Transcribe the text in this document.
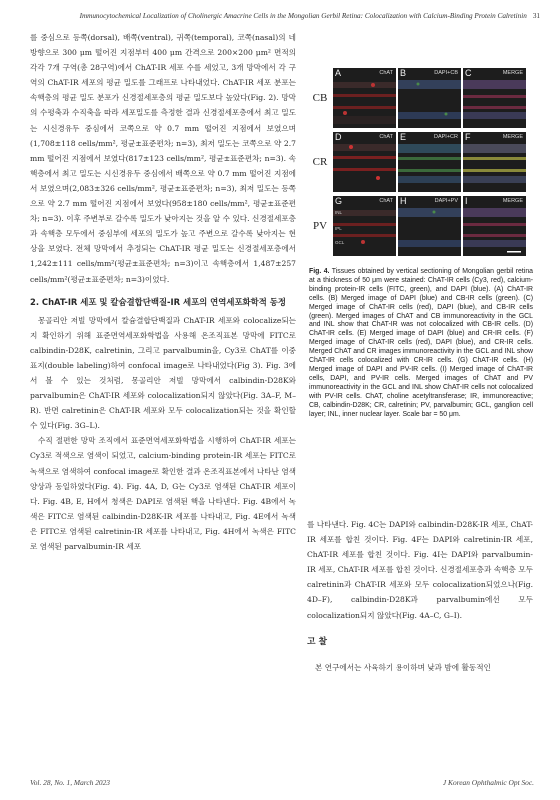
Immunocytochemical Localization of Cholinergic Amacrine Cells in the Mongolian Gerbil Retina: Colocalization with Calcium-Binding Protein Calretinin 31

를 중심으로 등쪽(dorsal), 배쪽(ventral), 귀쪽(temporal), 코쪽(nasal)의 네 방향으로 300 μm 떨어진 지점부터 400 μm 간격으로 200×200 μm² 면적의 각각 7개 구역(총 28구역)에서 ChAT-IR 세포 수를 세었고, 3개 망막에서 각 구역의 ChAT-IR 세포의 평균 밀도를 그래프로 나타내었다. ChAT-IR 세포 분포는 속핵층의 평균 밀도 분포가 신경절세포층의 평균 밀도보다 높았다(Fig. 2). 망막의 수평축과 수직축을 따라 세포밀도를 측정한 결과 신경절세포층에서 최고 밀도는 시신경유두 중심에서 코쪽으로 약 0.7 mm 떨어진 지점에서 보였으며(1,708±118 cells/mm², 평균±표준편차; n=3), 최저 밀도는 코쪽으로 약 2.7 mm 떨어진 지점에서 보였다(817±123 cells/mm², 평균±표준편차; n=3). 속핵층에서 최고 밀도는 시신경유두 중심에서 배쪽으로 약 0.7 mm 떨어진 지점에서 보였으며(2,083±326 cells/mm², 평균±표준편차; n=3), 최저 밀도는 등쪽으로 약 2.7 mm 떨어진 지점에서 보였다(958±180 cells/mm², 평균±표준편차; n=3). 이후 주변부로 갈수록 밀도가 낮아지는 것을 알 수 있다. 신경절세포층과 속핵층 모두에서 중심부에 세포의 밀도가 높고 주변으로 갈수록 낮아지는 현상을 보였다. 전체 망막에서 추정되는 ChAT-IR 평균 밀도는 신경절세포층에서 1,242±111 cells/mm²(평균±표준편차; n=3)이고 속핵층에서 1,487±257 cells/mm²(평균±표준편차; n=3)이었다.

2. ChAT-IR 세포 및 칼슘결합단백질-IR 세포의 연역세포화학적 동정

몽골리안 저빌 망막에서 칼슘결합단백질과 ChAT-IR 세포와 colocalize되는지 확인하기 위해 표준면역세포화학법을 사용해 온조직표본 망막에 FITC로 calbindin-D28K, calretinin, 그리고 parvalbumin을, Cy3로 ChAT를 이중 표지(double labeling)하여 confocal image로 나타내었다(Fig 3). Fig. 3에서 볼 수 있는 것처럼, 몽골리안 저빌 망막에서 calbindin-D28K와 parvalbumin은 ChAT-IR 세포와 colocalization되지 않았다(Fig. 3A–F, M–R). 반면 calretinin은 ChAT-IR 세포와 모두 colocalization되는 것을 확인할 수 있다(Fig. 3G–L).

수직 절편한 망막 조직에서 표준면역세포화학법을 시행하여 ChAT-IR 세포는 Cy3로 적색으로 염색이 되었고, calcium-binding protein-IR 세포는 FITC로 녹색으로 염색하여 confocal image로 확인한 결과 온조직표본에서 나타난 염색 양상과 동일하였다(Fig. 4). Fig. 4A, D, G는 Cy3로 염색된 ChAT-IR 세포이다. Fig. 4B, E, H에서 청색은 DAPI로 염색된 핵을 나타낸다. Fig. 4B에서 녹색은 FITC로 염색된 calbindin-D28K-IR 세포를 나타내고, Fig. 4E에서 녹색은 FITC로 염색된 calretinin-IR 세포를 나타내고, Fig. 4H에서 녹색은 FITC로 염색된 parvalbumin-IR 세포

CB
CR
PV
A	ChAT B	DAPI+CB C	MERGE
D	ChAT E	DAPI+CR F	MERGE
G	ChAT
INL
IPL
GCL
H	DAPI+PV I	MERGE
Fig. 4. Tissues obtained by vertical sectioning of Mongolian gerbil retina at a thickness of 50 μm were stained: ChAT-IR cells (Cy3, red), calcium-binding protein-IR cells (FITC, green), and DAPI (blue). (A) ChAT-IR cells. (B) Merged image of DAPI (blue) and CB-IR cells (green). (C) Merged image of ChAT-IR cells (red), DAPI (blue), and CB-IR cells (green). Merged images of ChAT and CB immunoreactivity in the GCL and INL show that ChAT-IR was not colocalized with CB-IR cells. (D) ChAT-IR cells. (E) Merged image of DAPI (blue) and CR-IR cells. (F) Merged image of ChAT-IR cells (red), DAPI (blue), and CR-IR cells. Merged ChAT and CR images immunoreactivity in the GCL and INL show ChAT-IR cells colocalized with CR-IR cells. (G) ChAT-IR cells. (H) Merged image of DAPI and PV-IR cells. (I) Merged image of ChAT-IR cells, DAPI, and PV-IR cells. Merged images of ChAT and PV immunoreactivity in the GCL and INL show ChAT-IR cells not colocalized with PV-IR cells. ChAT, choline acetyltransferase; IR, immunoreactive; CB, calbindin-D28K; CR, calretinin; PV, parvalbumin; GCL, ganglion cell layer; INL, inner nuclear layer. Scale bar = 50 μm.

를 나타낸다. Fig. 4C는 DAPI와 calbindin-D28K-IR 세포, ChAT-IR 세포를 합친 것이다. Fig. 4F는 DAPI와 calretinin-IR 세포, ChAT-IR 세포를 합친 것이다. Fig. 4I는 DAPI와 parvalbumin-IR 세포, ChAT-IR 세포를 합친 것이다. 신경절세포층과 속핵층 모두 calretinin과 ChAT-IR 세포와 모두 colocalization되었으나(Fig. 4D–F), calbindin-D28K과 parvalbumin에선 모두 colocalization되지 않았다(Fig. 4A–C, G–I).

고 찰

본 연구에서는 사육하기 용이하며 낮과 밤에 활동적인

Vol. 28, No. 1, March 2023	J Korean Ophthalmic Opt Soc.
